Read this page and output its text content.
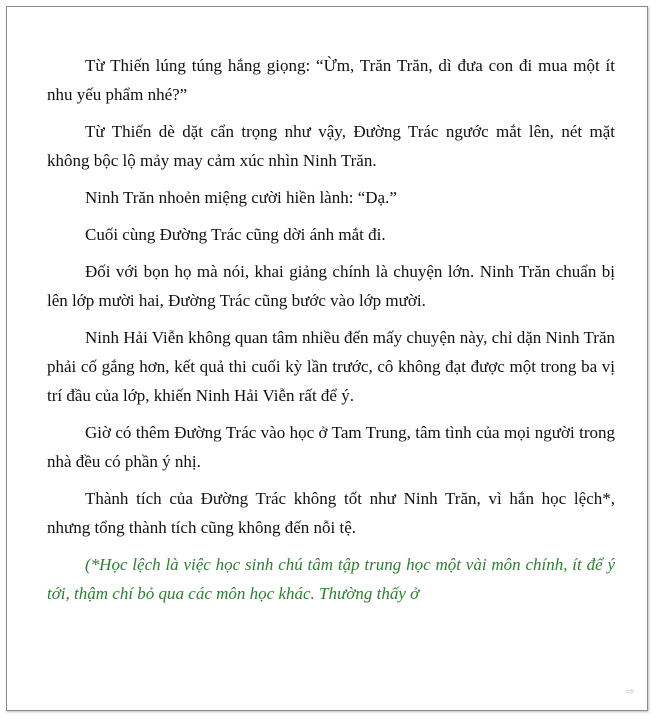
Từ Thiến lúng túng hắng giọng: “Ừm, Trăn Trăn, dì đưa con đi mua một ít nhu yếu phẩm nhé?”

Từ Thiến dè dặt cẩn trọng như vậy, Đường Trác ngước mắt lên, nét mặt không bộc lộ mảy may cảm xúc nhìn Ninh Trăn.

Ninh Trăn nhoẻn miệng cười hiền lành: “Dạ.”

Cuối cùng Đường Trác cũng dời ánh mắt đi.

Đối với bọn họ mà nói, khai giảng chính là chuyện lớn. Ninh Trăn chuẩn bị lên lớp mười hai, Đường Trác cũng bước vào lớp mười.

Ninh Hải Viễn không quan tâm nhiều đến mấy chuyện này, chỉ dặn Ninh Trăn phải cố gắng hơn, kết quả thi cuối kỳ lần trước, cô không đạt được một trong ba vị trí đầu của lớp, khiến Ninh Hải Viễn rất để ý.

Giờ có thêm Đường Trác vào học ở Tam Trung, tâm tình của mọi người trong nhà đều có phần ý nhị.

Thành tích của Đường Trác không tốt như Ninh Trăn, vì hắn học lệch*, nhưng tổng thành tích cũng không đến nỗi tệ.

(*Học lệch là việc học sinh chú tâm tập trung học một vài môn chính, ít để ý tới, thậm chí bỏ qua các môn học khác. Thường thấy ở

⇨
